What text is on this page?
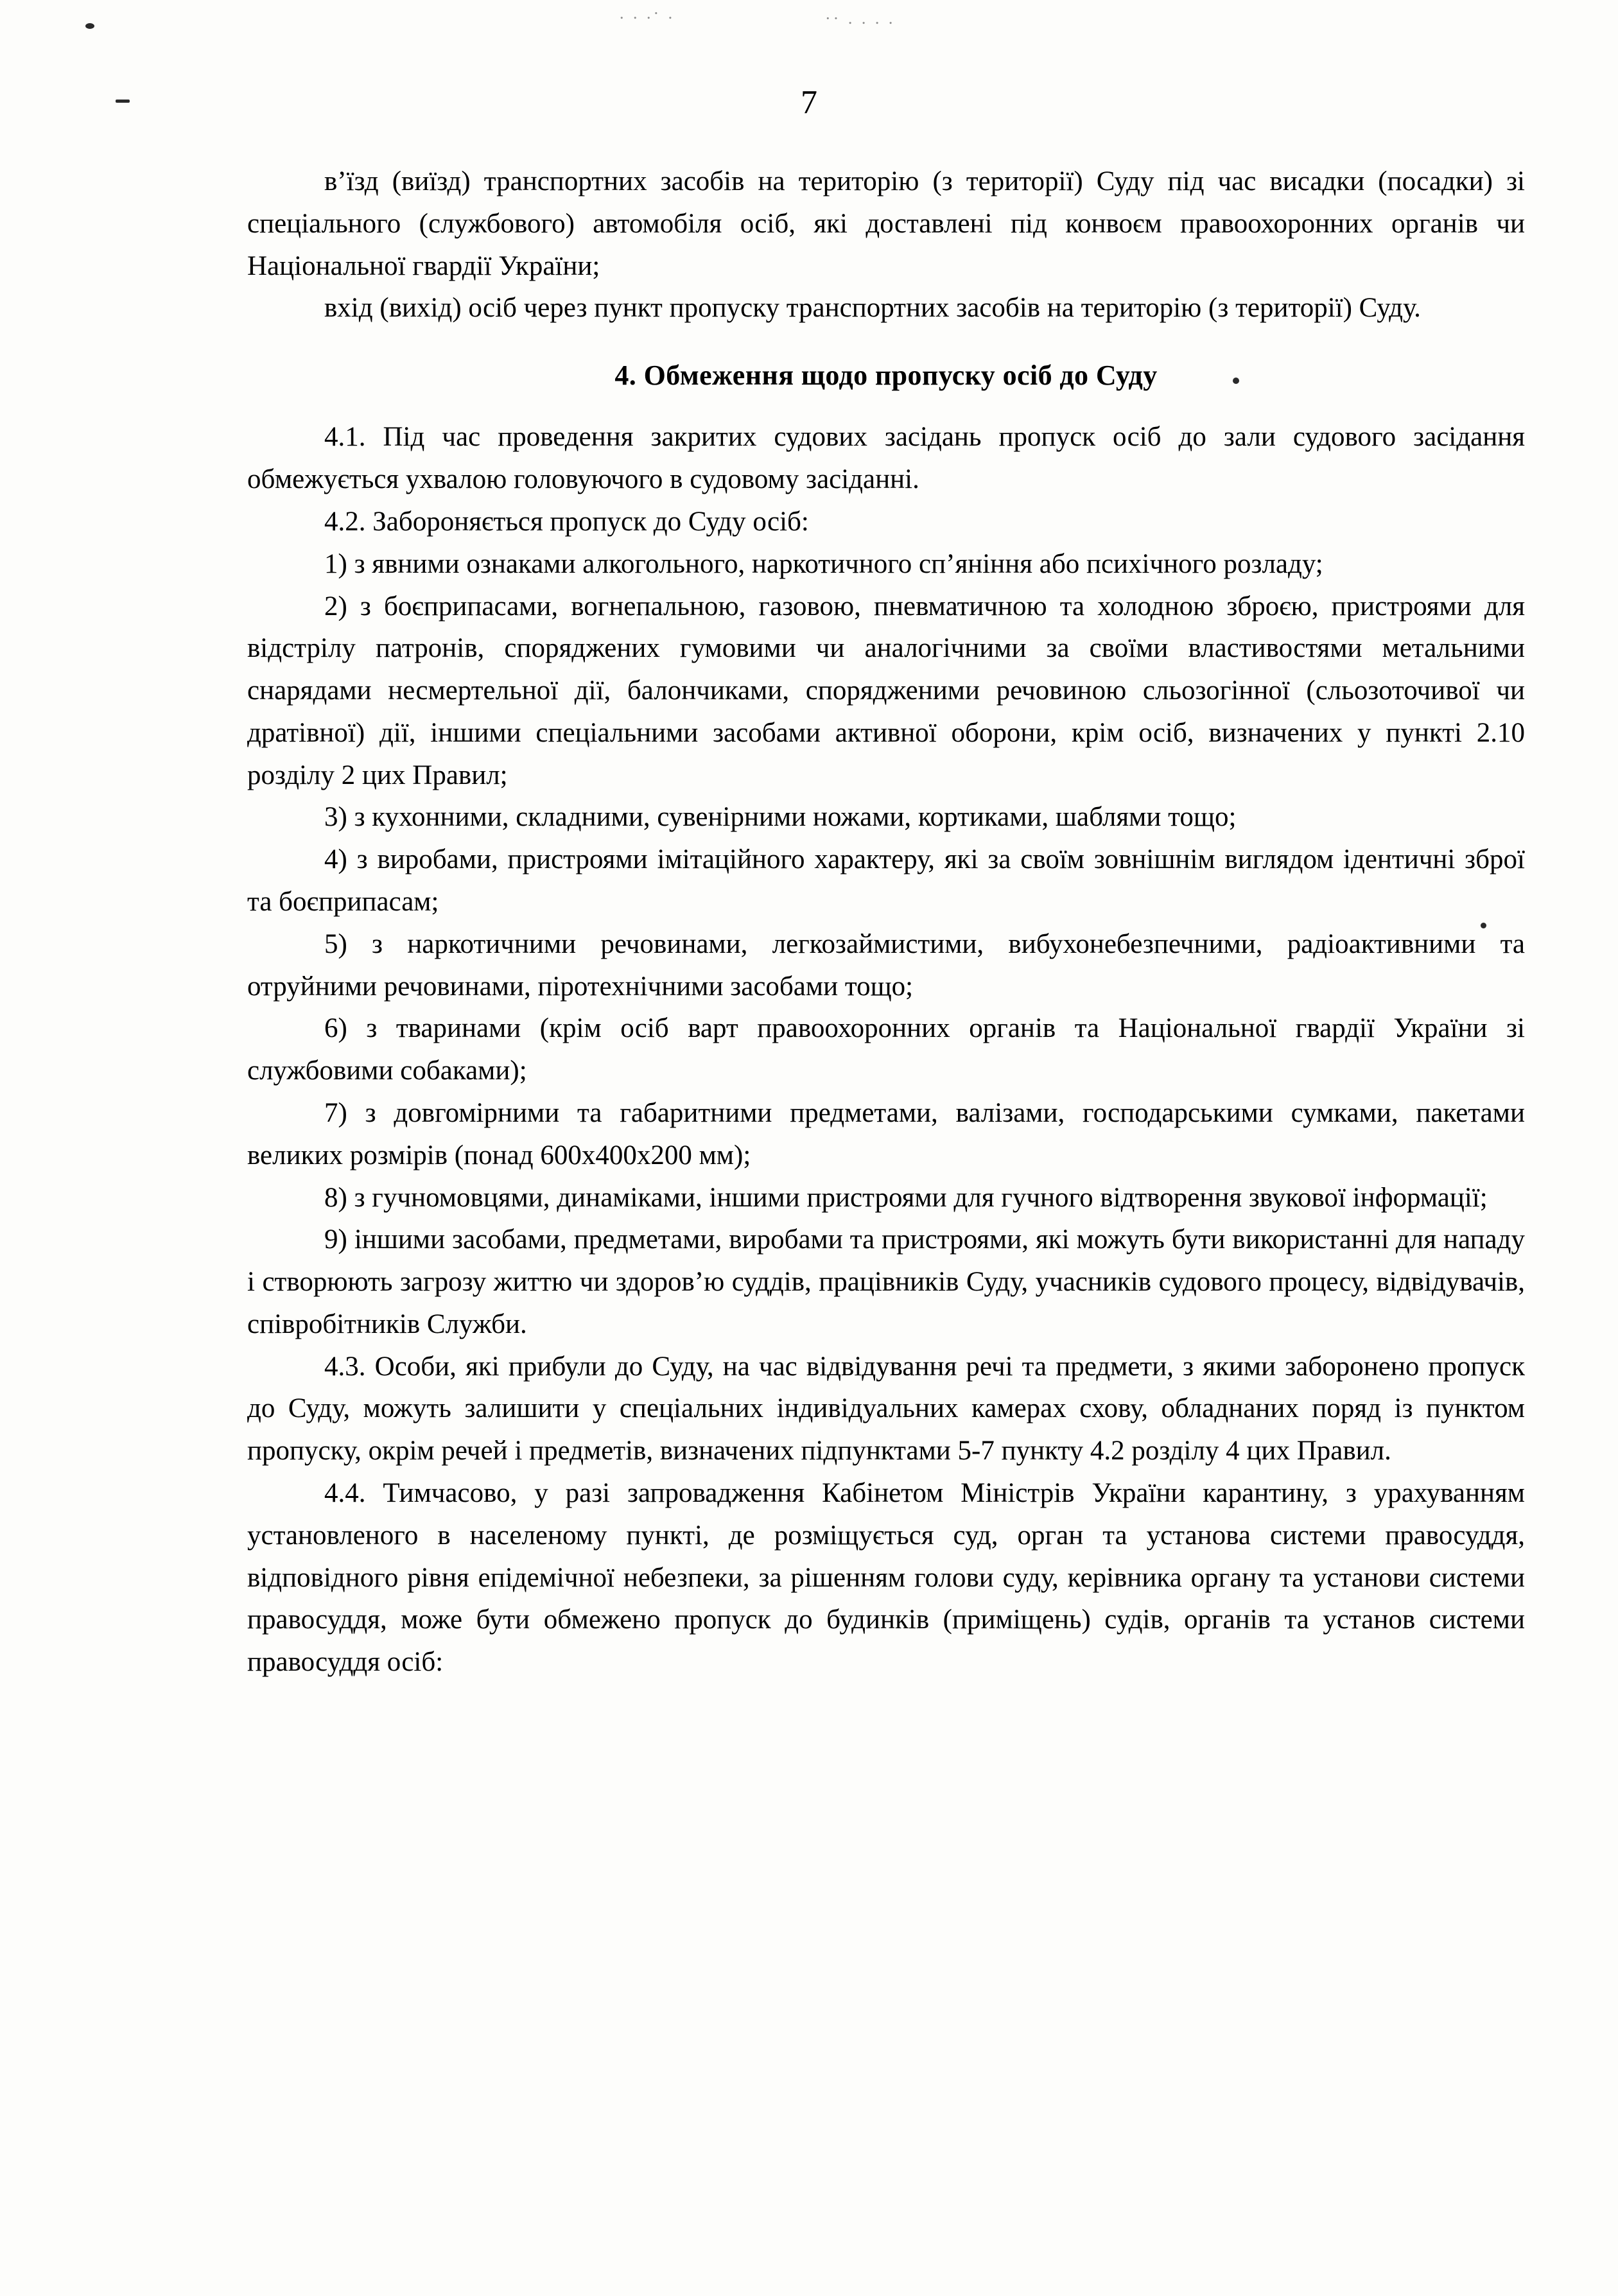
. . .· .	·· . . . .
7

в’їзд (виїзд) транспортних засобів на територію (з території) Суду під час висадки (посадки) зі спеціального (службового) автомобіля осіб, які доставлені під конвоєм правоохоронних органів чи Національної гвардії України;

вхід (вихід) осіб через пункт пропуску транспортних засобів на територію (з території) Суду.

4. Обмеження щодо пропуску осіб до Суду

4.1. Під час проведення закритих судових засідань пропуск осіб до зали судового засідання обмежується ухвалою головуючого в судовому засіданні.

4.2. Забороняється пропуск до Суду осіб:

1) з явними ознаками алкогольного, наркотичного сп’яніння або психічного розладу;

2) з боєприпасами, вогнепальною, газовою, пневматичною та холодною зброєю, пристроями для відстрілу патронів, споряджених гумовими чи аналогічними за своїми властивостями метальними снарядами несмертельної дії, балончиками, спорядженими речовиною сльозогінної (сльозоточивої чи дратівної) дії, іншими спеціальними засобами активної оборони, крім осіб, визначених у пункті 2.10 розділу 2 цих Правил;

3) з кухонними, складними, сувенірними ножами, кортиками, шаблями тощо;

4) з виробами, пристроями імітаційного характеру, які за своїм зовнішнім виглядом ідентичні зброї та боєприпасам;

5) з наркотичними речовинами, легкозаймистими, вибухонебезпечними, радіоактивними та отруйними речовинами, піротехнічними засобами тощо;

6) з тваринами (крім осіб варт правоохоронних органів та Національної гвардії України зі службовими собаками);

7) з довгомірними та габаритними предметами, валізами, господарськими сумками, пакетами великих розмірів (понад 600х400х200 мм);

8) з гучномовцями, динаміками, іншими пристроями для гучного відтворення звукової інформації;

9) іншими засобами, предметами, виробами та пристроями, які можуть бути використанні для нападу і створюють загрозу життю чи здоров’ю суддів, працівників Суду, учасників судового процесу, відвідувачів, співробітників Служби.

4.3. Особи, які прибули до Суду, на час відвідування речі та предмети, з якими заборонено пропуск до Суду, можуть залишити у спеціальних індивідуальних камерах схову, обладнаних поряд із пунктом пропуску, окрім речей і предметів, визначених підпунктами 5-7 пункту 4.2 розділу 4 цих Правил.

4.4. Тимчасово, у разі запровадження Кабінетом Міністрів України карантину, з урахуванням установленого в населеному пункті, де розміщується суд, орган та установа системи правосуддя, відповідного рівня епідемічної небезпеки, за рішенням голови суду, керівника органу та установи системи правосуддя, може бути обмежено пропуск до будинків (приміщень) судів, органів та установ системи правосуддя осіб:
